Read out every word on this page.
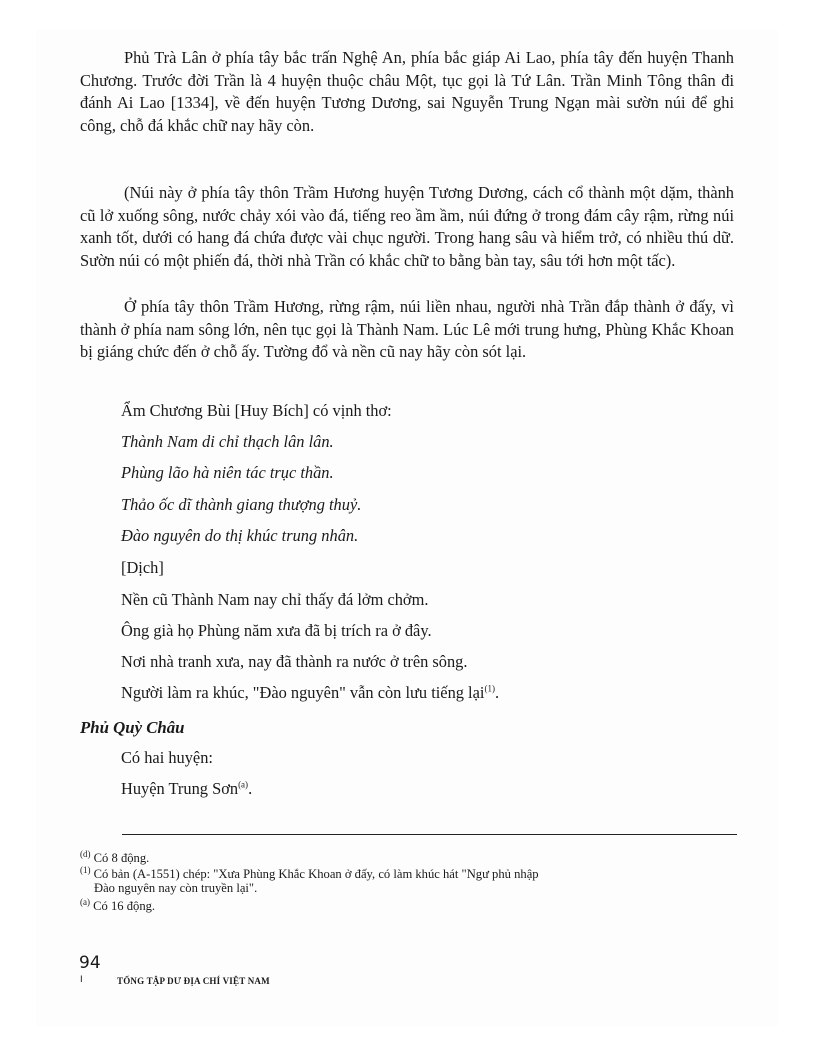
Phủ Trà Lân ở phía tây bắc trấn Nghệ An, phía bắc giáp Ai Lao, phía tây đến huyện Thanh Chương. Trước đời Trần là 4 huyện thuộc châu Một, tục gọi là Tứ Lân. Trần Minh Tông thân đi đánh Ai Lao [1334], về đến huyện Tương Dương, sai Nguyễn Trung Ngạn mài sườn núi để ghi công, chỗ đá khắc chữ nay hãy còn.

(Núi này ở phía tây thôn Trầm Hương huyện Tương Dương, cách cổ thành một dặm, thành cũ lở xuống sông, nước chảy xói vào đá, tiếng reo ầm ầm, núi đứng ở trong đám cây rậm, rừng núi xanh tốt, dưới có hang đá chứa được vài chục người. Trong hang sâu và hiểm trở, có nhiều thú dữ. Sườn núi có một phiến đá, thời nhà Trần có khắc chữ to bằng bàn tay, sâu tới hơn một tấc).

Ở phía tây thôn Trầm Hương, rừng rậm, núi liền nhau, người nhà Trần đắp thành ở đấy, vì thành ở phía nam sông lớn, nên tục gọi là Thành Nam. Lúc Lê mới trung hưng, Phùng Khắc Khoan bị giáng chức đến ở chỗ ấy. Tường đổ và nền cũ nay hãy còn sót lại.

Ẩm Chương Bùi [Huy Bích] có vịnh thơ:

Thành Nam di chỉ thạch lân lân.

Phùng lão hà niên tác trục thần.

Thảo ốc dĩ thành giang thượng thuỷ.

Đào nguyên do thị khúc trung nhân.

[Dịch]

Nền cũ Thành Nam nay chỉ thấy đá lởm chởm.

Ông già họ Phùng năm xưa đã bị trích ra ở đây.

Nơi nhà tranh xưa, nay đã thành ra nước ở trên sông.

Người làm ra khúc, "Đào nguyên" vẫn còn lưu tiếng lại$^{(1)}$.

Phủ Quỳ Châu

Có hai huyện:

Huyện Trung Sơn$^{(a)}$.

$^{(d)}$ Có 8 động.

$^{(1)}$ Có bản (A-1551) chép: "Xưa Phùng Khắc Khoan ở đấy, có làm khúc hát "Ngư phủ nhập
Đào nguyên nay còn truyền lại".

$^{(a)}$ Có 16 động.

94
I	TỔNG TẬP DƯ ĐỊA CHÍ VIỆT NAM
